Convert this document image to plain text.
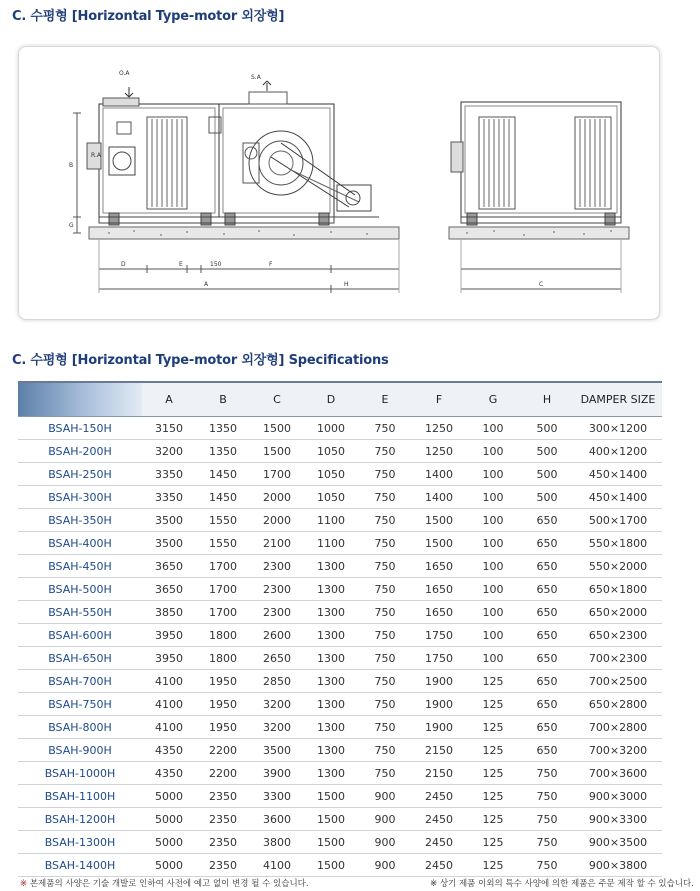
C. 수평형 [Horizontal Type-motor 외장형]
O.A
S.A
R.A
B
G
D	E	150	F
A	H	C
C. 수평형 [Horizontal Type-motor 외장형] Specifications
	A	B	C	D	E	F	G	H	DAMPER SIZE
BSAH-150H	3150	1350	1500	1000	750	1250	100	500	300×1200
BSAH-200H	3200	1350	1500	1050	750	1250	100	500	400×1200
BSAH-250H	3350	1450	1700	1050	750	1400	100	500	450×1400
BSAH-300H	3350	1450	2000	1050	750	1400	100	500	450×1400
BSAH-350H	3500	1550	2000	1100	750	1500	100	650	500×1700
BSAH-400H	3500	1550	2100	1100	750	1500	100	650	550×1800
BSAH-450H	3650	1700	2300	1300	750	1650	100	650	550×2000
BSAH-500H	3650	1700	2300	1300	750	1650	100	650	650×1800
BSAH-550H	3850	1700	2300	1300	750	1650	100	650	650×2000
BSAH-600H	3950	1800	2600	1300	750	1750	100	650	650×2300
BSAH-650H	3950	1800	2650	1300	750	1750	100	650	700×2300
BSAH-700H	4100	1950	2850	1300	750	1900	125	650	700×2500
BSAH-750H	4100	1950	3200	1300	750	1900	125	650	650×2800
BSAH-800H	4100	1950	3200	1300	750	1900	125	650	700×2800
BSAH-900H	4350	2200	3500	1300	750	2150	125	650	700×3200
BSAH-1000H	4350	2200	3900	1300	750	2150	125	750	700×3600
BSAH-1100H	5000	2350	3300	1500	900	2450	125	750	900×3000
BSAH-1200H	5000	2350	3600	1500	900	2450	125	750	900×3300
BSAH-1300H	5000	2350	3800	1500	900	2450	125	750	900×3500
BSAH-1400H	5000	2350	4100	1500	900	2450	125	750	900×3800
※ 본제품의 사양은 기술 개발로 인하여 사전에 예고 없이 변경 될 수 있습니다.	※ 상기 제품 이외의 특수 사양에 의한 제품은 주문 제작 할 수 있습니다.
